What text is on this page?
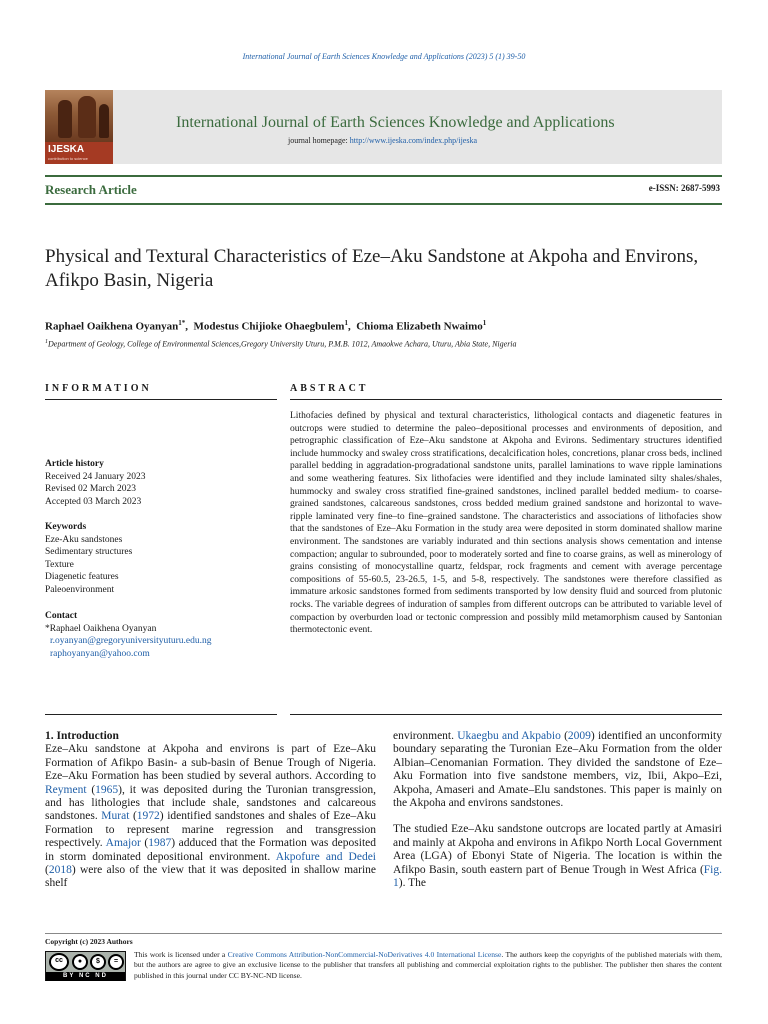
International Journal of Earth Sciences Knowledge and Applications (2023) 5 (1) 39-50
IJESKA
contribution to science
International Journal of Earth Sciences Knowledge and Applications
journal homepage: http://www.ijeska.com/index.php/ijeska
Research Article	e-ISSN: 2687-5993
Physical and Textural Characteristics of Eze–Aku Sandstone at Akpoha and Environs, Afikpo Basin, Nigeria
Raphael Oaikhena Oyanyan$^{1*}$,  Modestus Chijioke Ohaegbulem$^1$,  Chioma Elizabeth Nwaimo$^1$
$^1$Department of Geology, College of Environmental Sciences,Gregory University Uturu, P.M.B. 1012, Amaokwe Achara, Uturu, Abia State, Nigeria
INFORMATION	ABSTRACT
Article history
Received 24 January 2023
Revised 02 March 2023
Accepted 03 March 2023
Keywords
Eze-Aku sandstones
Sedimentary structures
Texture
Diagenetic features
Paleoenvironment
Contact
*Raphael Oaikhena Oyanyan
r.oyanyan@gregoryuniversityuturu.edu.ng
raphoyanyan@yahoo.com
Lithofacies defined by physical and textural characteristics, lithological contacts and diagenetic features in outcrops were studied to determine the paleo–depositional processes and environments of deposition, and petrographic classification of Eze–Aku sandstone at Akpoha and Evirons. Sedimentary structures identified include hummocky and swaley cross stratifications, decalcification holes, concretions, planar cross beds, inclined parallel bedding in aggradation-progradational sandstone units, parallel laminations to wave ripple laminations and some weathering features. Six lithofacies were identified and they include laminated silty shales/shales, hummocky and swaley cross stratified fine-grained sandstones, inclined parallel bedded medium- to coarse-grained sandstones, calcareous sandstones, cross bedded medium grained sandstone and horizontal to wave-ripple laminated very fine–to fine–grained sandstone. The characteristics and associations of lithofacies show that the sandstones of Eze–Aku Formation in the study area were deposited in storm dominated shallow marine environment. The sandstones are variably indurated and thin sections analysis shows cementation and intense compaction; angular to subrounded, poor to moderately sorted and fine to coarse grains, as well as minerology of grains consisting of monocystalline quartz, feldspar, rock fragments and cement with average percentage compositions of 55-60.5, 23-26.5, 1-5, and 5-8, respectively. The sandstones were therefore classified as immature arkosic sandstones formed from sediments transported by low density fluid and sourced from plutonic rocks. The variable degrees of induration of samples from different outcrops can be attributed to variable level of compaction by overburden load or tectonic compression and possibly mild metamorphism caused by Santonian thermotectonic event.
1. Introduction
Eze–Aku sandstone at Akpoha and environs is part of Eze–Aku Formation of Afikpo Basin- a sub-basin of Benue Trough of Nigeria. Eze–Aku Formation has been studied by several authors. According to Reyment (1965), it was deposited during the Turonian transgression, and has lithologies that include shale, sandstones and calcareous sandstones. Murat (1972) identified sandstones and shales of Eze–Aku Formation to represent marine regression and transgression respectively. Amajor (1987) adduced that the Formation was deposited in storm dominated depositional environment. Akpofure and Dedei (2018) were also of the view that it was deposited in shallow marine shelf
environment. Ukaegbu and Akpabio (2009) identified an unconformity boundary separating the Turonian Eze–Aku Formation from the older Albian–Cenomanian Formation. They divided the sandstone of Eze–Aku Formation into five sandstone members, viz, Ibii, Akpo–Ezi, Akpoha, Amaseri and Amate–Elu sandstones. This paper is mainly on the Akpoha and environs sandstones.
The studied Eze–Aku sandstone outcrops are located partly at Amasiri and mainly at Akpoha and environs in Afikpo North Local Government Area (LGA) of Ebonyi State of Nigeria. The location is within the Afikpo Basin, south eastern part of Benue Trough in West Africa (Fig. 1). The
Copyright (c) 2023 Authors
cc	●	$	=
BY NC ND
This work is licensed under a Creative Commons Attribution-NonCommercial-NoDerivatives 4.0 International License. The authors keep the copyrights of the published materials with them, but the authors are agree to give an exclusive license to the publisher that transfers all publishing and commercial exploitation rights to the publisher. The publisher then shares the content published in this journal under CC BY-NC-ND license.
